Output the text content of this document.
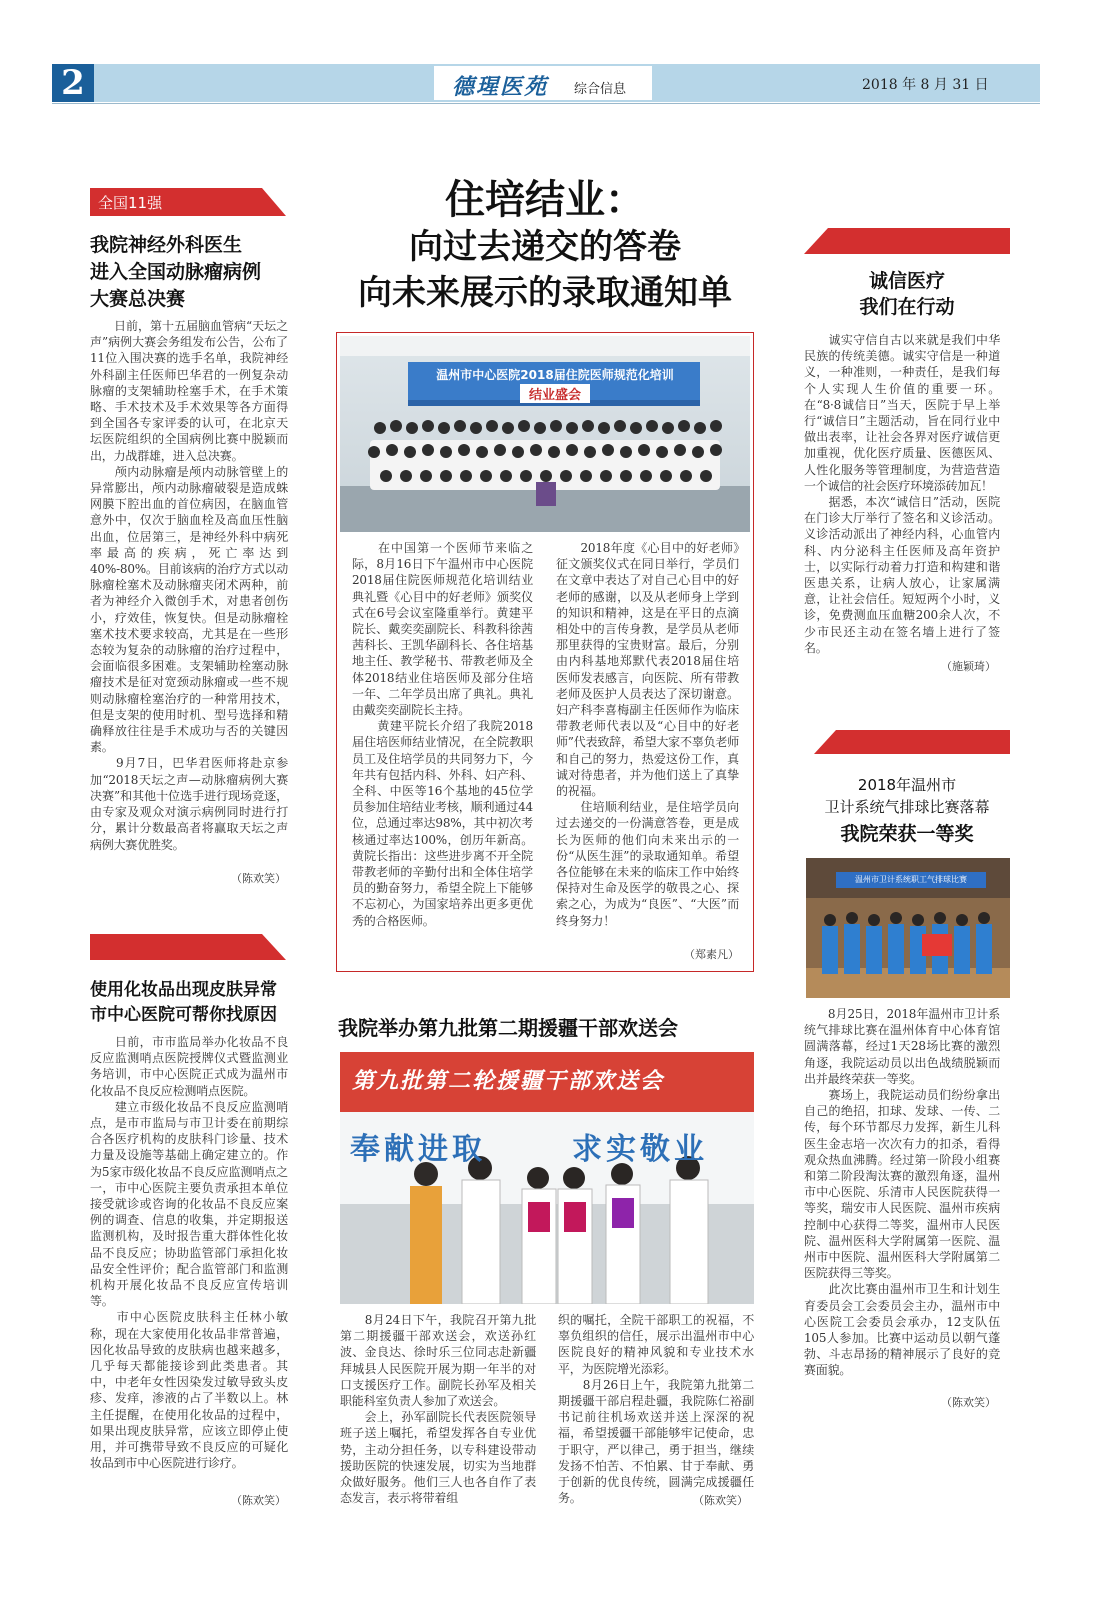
2	德瑆医苑 综合信息	2018 年 8 月 31 日
全国11强
我院神经外科医生
进入全国动脉瘤病例
大赛总决赛
　　日前，第十五届脑血管病“天坛之声”病例大赛会务组发布公告，公布了11位入围决赛的选手名单，我院神经外科副主任医师巴华君的一例复杂动脉瘤的支架辅助栓塞手术，在手术策略、手术技术及手术效果等各方面得到全国各专家评委的认可，在北京天坛医院组织的全国病例比赛中脱颖而出，力战群雄，进入总决赛。
　　颅内动脉瘤是颅内动脉管壁上的异常膨出，颅内动脉瘤破裂是造成蛛网膜下腔出血的首位病因，在脑血管意外中，仅次于脑血栓及高血压性脑出血，位居第三，是神经外科中病死率最高的疾病，死亡率达到40%-80%。目前该病的治疗方式以动脉瘤栓塞术及动脉瘤夹闭术两种，前者为神经介入微创手术，对患者创伤小，疗效佳，恢复快。但是动脉瘤栓塞术技术要求较高，尤其是在一些形态较为复杂的动脉瘤的治疗过程中，会面临很多困难。支架辅助栓塞动脉瘤技术是征对宽颈动脉瘤或一些不规则动脉瘤栓塞治疗的一种常用技术，但是支架的使用时机、型号选择和精确释放往往是手术成功与否的关键因素。
　　9月7日，巴华君医师将赴京参加“2018天坛之声—动脉瘤病例大赛决赛”和其他十位选手进行现场竞逐，由专家及观众对演示病例同时进行打分，累计分数最高者将赢取天坛之声病例大赛优胜奖。
（陈欢笑）
使用化妆品出现皮肤异常
市中心医院可帮你找原因
　　日前，市市监局举办化妆品不良反应监测哨点医院授牌仪式暨监测业务培训，市中心医院正式成为温州市化妆品不良反应检测哨点医院。
　　建立市级化妆品不良反应监测哨点，是市市监局与市卫计委在前期综合各医疗机构的皮肤科门诊量、技术力量及设施等基础上确定建立的。作为5家市级化妆品不良反应监测哨点之一，市中心医院主要负责承担本单位接受就诊或咨询的化妆品不良反应案例的调查、信息的收集，并定期报送监测机构，及时报告重大群体性化妆品不良反应；协助监管部门承担化妆品安全性评价；配合监管部门和监测机构开展化妆品不良反应宣传培训等。
　　市中心医院皮肤科主任林小敏称，现在大家使用化妆品非常普遍，因化妆品导致的皮肤病也越来越多，几乎每天都能接诊到此类患者。其中，中老年女性因染发过敏导致头皮疹、发痒，渗液的占了半数以上。林主任提醒，在使用化妆品的过程中，如果出现皮肤异常，应该立即停止使用，并可携带导致不良反应的可疑化妆品到市中心医院进行诊疗。
（陈欢笑）
住培结业：
向过去递交的答卷
向未来展示的录取通知单
温州市中心医院2018届住院医师规范化培训
结业盛会
　　在中国第一个医师节来临之际，8月16日下午温州市中心医院2018届住院医师规范化培训结业典礼暨《心目中的好老师》颁奖仪式在6号会议室隆重举行。黄建平院长、戴奕奕副院长、科教科徐茜茜科长、王凯华副科长、各住培基地主任、教学秘书、带教老师及全体2018结业住培医师及部分住培一年、二年学员出席了典礼。典礼由戴奕奕副院长主持。
　　黄建平院长介绍了我院2018届住培医师结业情况，在全院教职员工及住培学员的共同努力下，今年共有包括内科、外科、妇产科、全科、中医等16个基地的45位学员参加住培结业考核，顺利通过44位，总通过率达98%，其中初次考核通过率达100%，创历年新高。黄院长指出：这些进步离不开全院带教老师的辛勤付出和全体住培学员的勤奋努力，希望全院上下能够不忘初心，为国家培养出更多更优秀的合格医师。
　　2018年度《心目中的好老师》征文颁奖仪式在同日举行，学员们在文章中表达了对自己心目中的好老师的感谢，以及从老师身上学到的知识和精神，这是在平日的点滴相处中的言传身教，是学员从老师那里获得的宝贵财富。最后，分别由内科基地郑默代表2018届住培医师发表感言，向医院、所有带教老师及医护人员表达了深切谢意。妇产科李喜梅副主任医师作为临床带教老师代表以及“心目中的好老师”代表致辞，希望大家不辜负老师和自己的努力，热爱这份工作，真诚对待患者，并为他们送上了真挚的祝福。
　　住培顺利结业，是住培学员向过去递交的一份满意答卷，更是成长为医师的他们向未来出示的一份“从医生涯”的录取通知单。希望各位能够在未来的临床工作中始终保持对生命及医学的敬畏之心、探索之心，为成为“良医”、“大医”而终身努力！
（郑素凡）
我院举办第九批第二期援疆干部欢送会
第九批第二轮援疆干部欢送会
奉献进取	求实敬业
　　8月24日下午，我院召开第九批第二期援疆干部欢送会，欢送孙红波、金良达、徐时乐三位同志赴新疆拜城县人民医院开展为期一年半的对口支援医疗工作。副院长孙军及相关职能科室负责人参加了欢送会。
　　会上，孙军副院长代表医院领导班子送上嘱托，希望发挥各自专业优势，主动分担任务，以专科建设带动援助医院的快速发展，切实为当地群众做好服务。他们三人也各自作了表态发言，表示将带着组
织的嘱托，全院干部职工的祝福，不辜负组织的信任，展示出温州市中心医院良好的精神风貌和专业技术水平，为医院增光添彩。
　　8月26日上午，我院第九批第二期援疆干部启程赴疆，我院陈仁裕副书记前往机场欢送并送上深深的祝福，希望援疆干部能够牢记使命，忠于职守，严以律己，勇于担当，继续发扬不怕苦、不怕累、甘于奉献、勇于创新的优良传统，圆满完成援疆任务。	（陈欢笑）
诚信医疗
我们在行动
　　诚实守信自古以来就是我们中华民族的传统美德。诚实守信是一种道义，一种准则，一种责任，是我们每个人实现人生价值的重要一环。在“8·8诚信日”当天，医院于早上举行“诚信日”主题活动，旨在同行业中做出表率，让社会各界对医疗诚信更加重视，优化医疗质量、医德医风、人性化服务等管理制度，为营造营造一个诚信的社会医疗环境添砖加瓦！
　　据悉，本次“诚信日”活动，医院在门诊大厅举行了签名和义诊活动。义诊活动派出了神经内科，心血管内科、内分泌科主任医师及高年资护士，以实际行动着力打造和构建和谐医患关系，让病人放心，让家属满意，让社会信任。短短两个小时，义诊，免费测血压血糖200余人次，不少市民还主动在签名墙上进行了签名。
（施颖琦）
2018年温州市
卫计系统气排球比赛落幕
我院荣获一等奖
温州市卫计系统职工气排球比赛
　　8月25日，2018年温州市卫计系统气排球比赛在温州体育中心体育馆圆满落幕，经过1天28场比赛的激烈角逐，我院运动员以出色战绩脱颖而出并最终荣获一等奖。
　　赛场上，我院运动员们纷纷拿出自己的绝招，扣球、发球、一传、二传，每个环节都尽力发挥，新生儿科医生金志培一次次有力的扣杀，看得观众热血沸腾。经过第一阶段小组赛和第二阶段淘汰赛的激烈角逐，温州市中心医院、乐清市人民医院获得一等奖，瑞安市人民医院、温州市疾病控制中心获得二等奖，温州市人民医院、温州医科大学附属第一医院、温州市中医院、温州医科大学附属第二医院获得三等奖。
　　此次比赛由温州市卫生和计划生育委员会工会委员会主办，温州市中心医院工会委员会承办，12支队伍105人参加。比赛中运动员以朝气蓬勃、斗志昂扬的精神展示了良好的竞赛面貌。
（陈欢笑）
